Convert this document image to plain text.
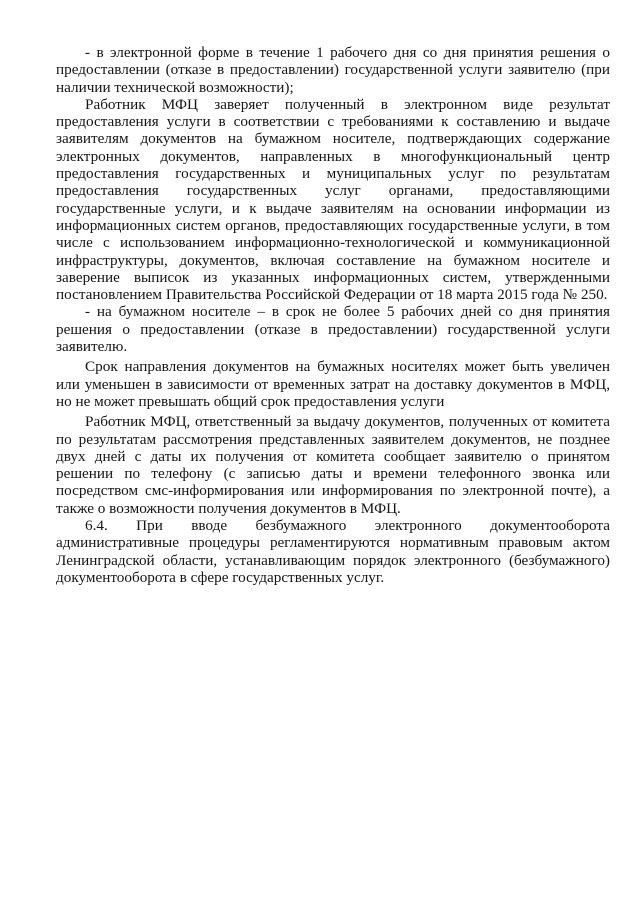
- в электронной форме в течение 1 рабочего дня со дня принятия решения о предоставлении (отказе в предоставлении) государственной услуги заявителю (при наличии технической возможности);

Работник МФЦ заверяет полученный в электронном виде результат предоставления услуги в соответствии с требованиями к составлению и выдаче заявителям документов на бумажном носителе, подтверждающих содержание электронных документов, направленных в многофункциональный центр предоставления государственных и муниципальных услуг по результатам предоставления государственных услуг органами, предоставляющими государственные услуги, и к выдаче заявителям на основании информации из информационных систем органов, предоставляющих государственные услуги, в том числе с использованием информационно-технологической и коммуникационной инфраструктуры, документов, включая составление на бумажном носителе и заверение выписок из указанных информационных систем, утвержденными постановлением Правительства Российской Федерации от 18 марта 2015 года № 250.

- на бумажном носителе – в срок не более 5 рабочих дней со дня принятия решения о предоставлении (отказе в предоставлении) государственной услуги заявителю.

Срок направления документов на бумажных носителях может быть увеличен или уменьшен в зависимости от временных затрат на доставку документов в МФЦ, но не может превышать общий срок предоставления услуги

Работник МФЦ, ответственный за выдачу документов, полученных от комитета по результатам рассмотрения представленных заявителем документов, не позднее двух дней с даты их получения от комитета сообщает заявителю о принятом решении по телефону (с записью даты и времени телефонного звонка или посредством смс-информирования или информирования по электронной почте), а также о возможности получения документов в МФЦ.

6.4. При вводе безбумажного электронного документооборота административные процедуры регламентируются нормативным правовым актом Ленинградской области, устанавливающим порядок электронного (безбумажного) документооборота в сфере государственных услуг.
